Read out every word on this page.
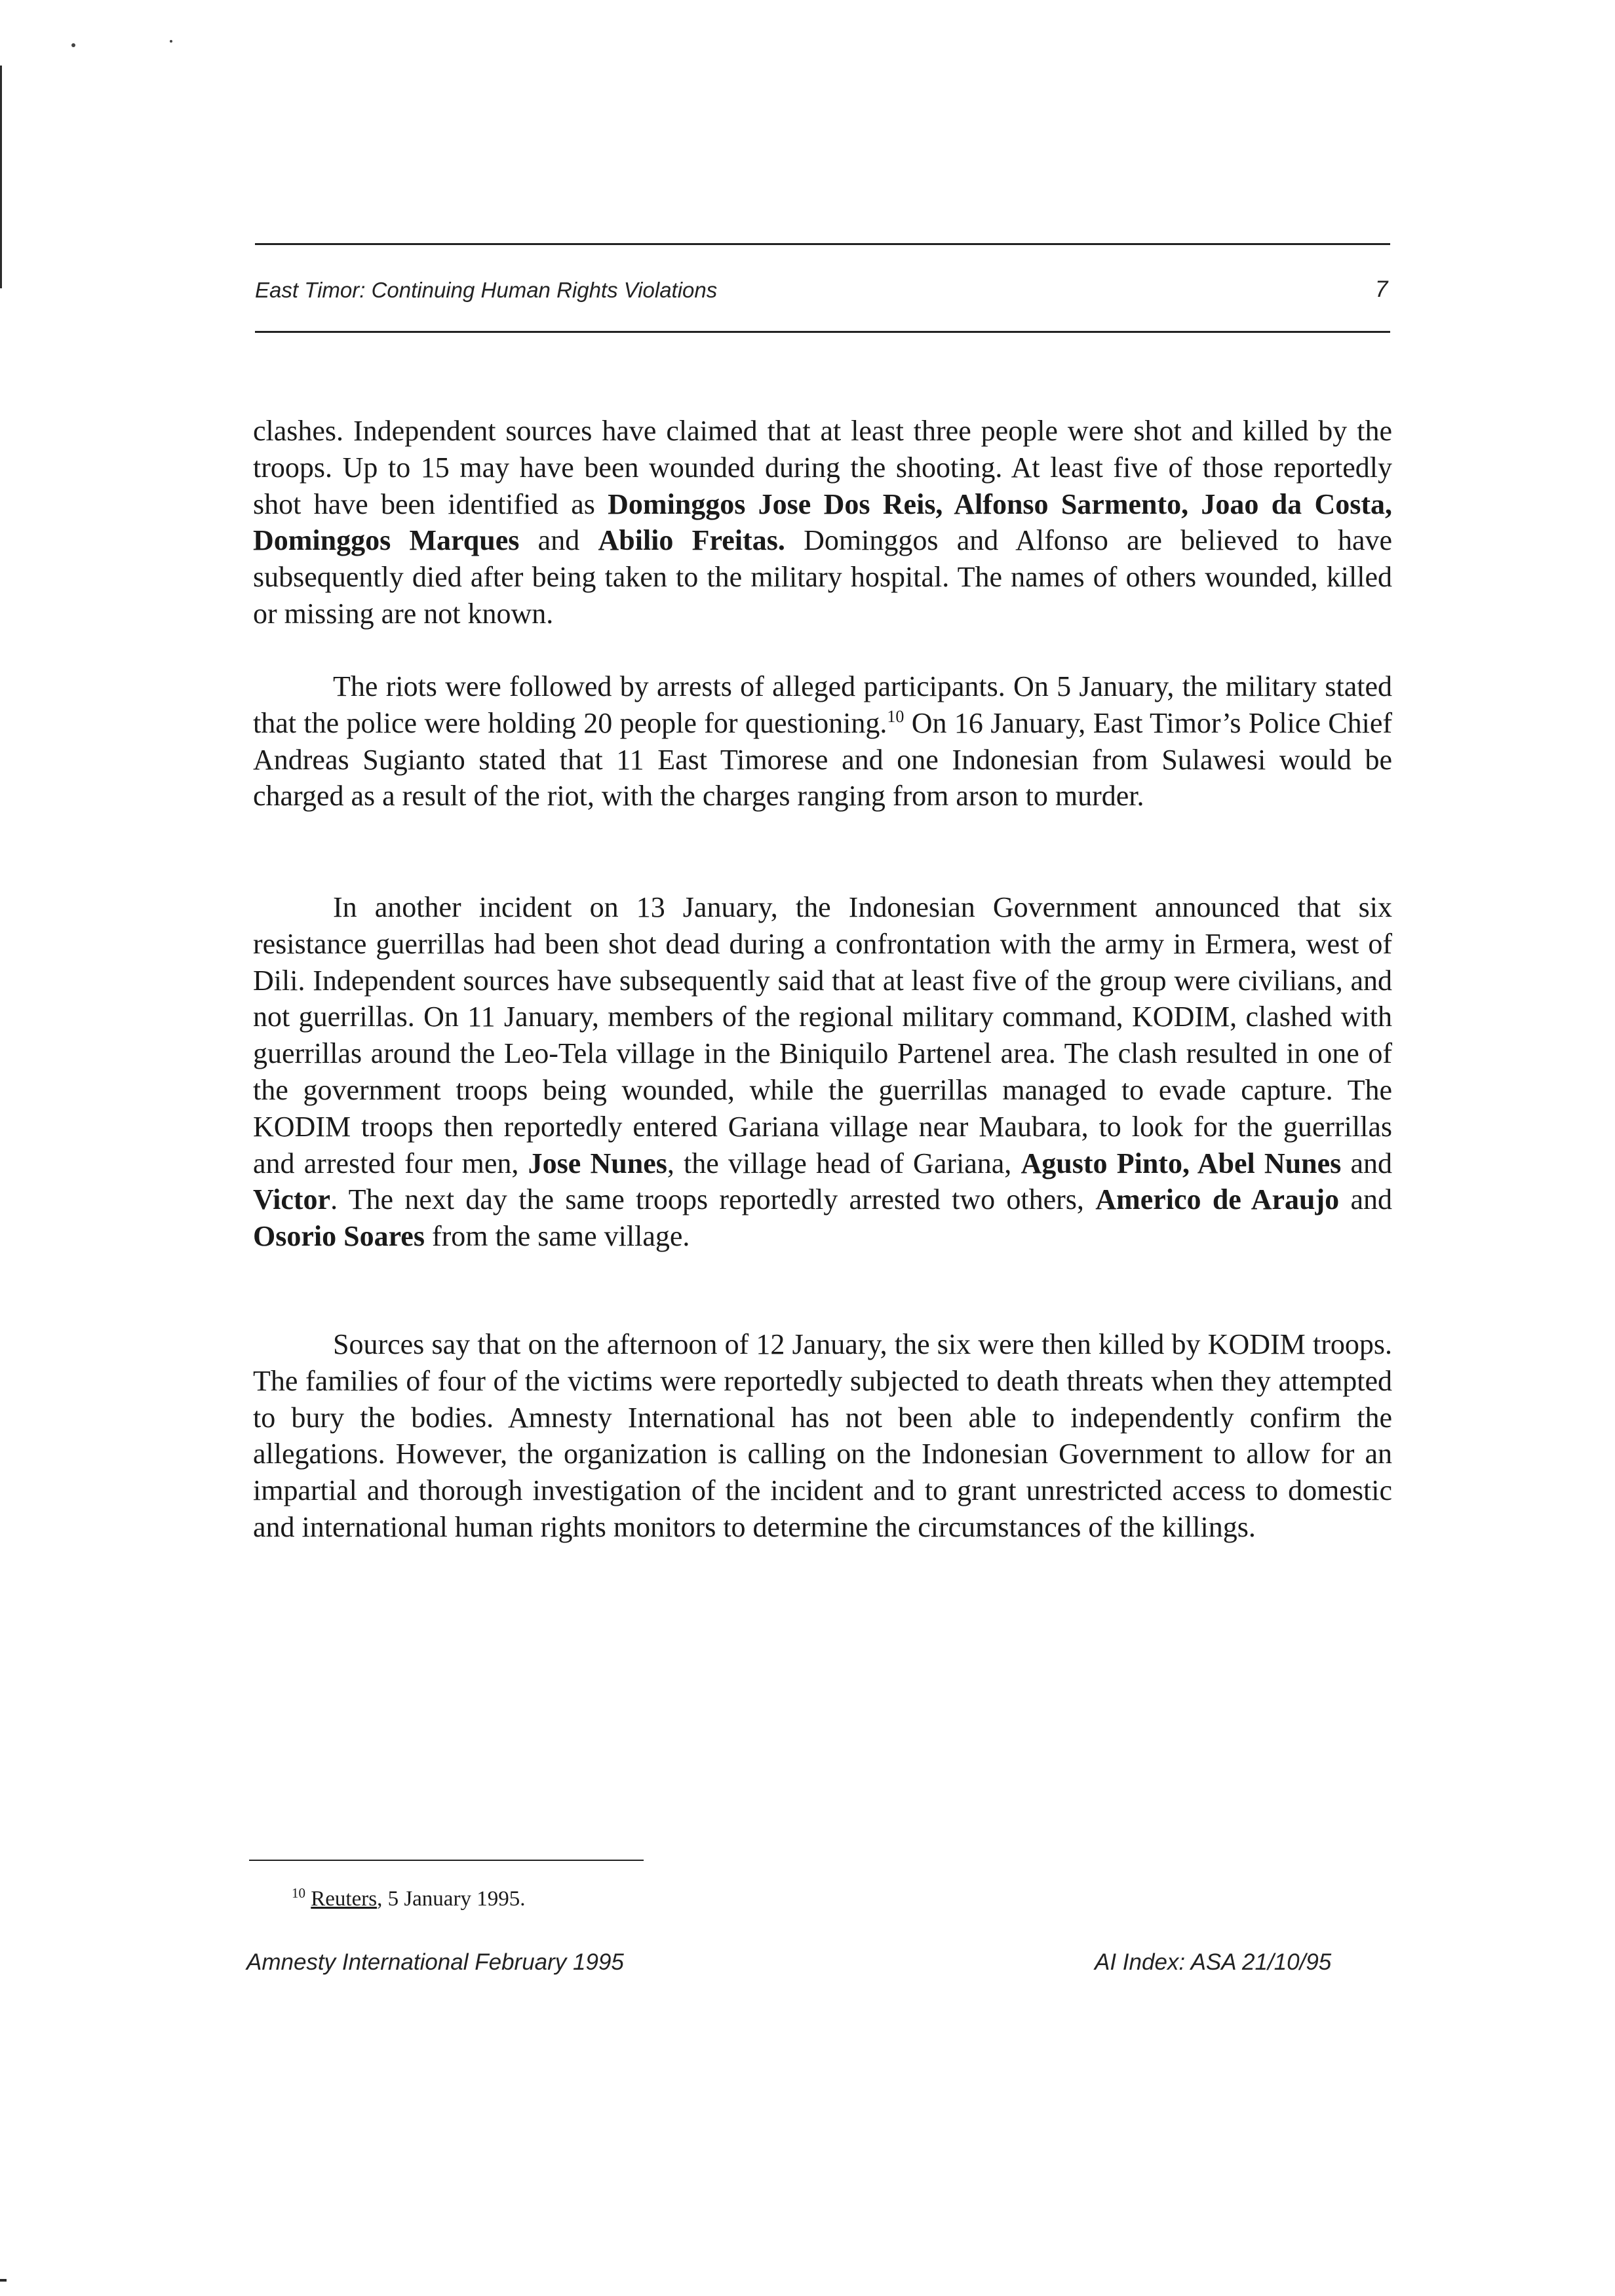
East Timor: Continuing Human Rights Violations	7

clashes. Independent sources have claimed that at least three people were shot and killed by the troops. Up to 15 may have been wounded during the shooting. At least five of those reportedly shot have been identified as Dominggos Jose Dos Reis, Alfonso Sarmento, Joao da Costa, Dominggos Marques and Abilio Freitas. Dominggos and Alfonso are believed to have subsequently died after being taken to the military hospital. The names of others wounded, killed or missing are not known.

The riots were followed by arrests of alleged participants. On 5 January, the military stated that the police were holding 20 people for questioning.$^{10}$ On 16 January, East Timor’s Police Chief Andreas Sugianto stated that 11 East Timorese and one Indonesian from Sulawesi would be charged as a result of the riot, with the charges ranging from arson to murder.

In another incident on 13 January, the Indonesian Government announced that six resistance guerrillas had been shot dead during a confrontation with the army in Ermera, west of Dili. Independent sources have subsequently said that at least five of the group were civilians, and not guerrillas. On 11 January, members of the regional military command, KODIM, clashed with guerrillas around the Leo-Tela village in the Biniquilo Partenel area. The clash resulted in one of the government troops being wounded, while the guerrillas managed to evade capture. The KODIM troops then reportedly entered Gariana village near Maubara, to look for the guerrillas and arrested four men, Jose Nunes, the village head of Gariana, Agusto Pinto, Abel Nunes and Victor. The next day the same troops reportedly arrested two others, Americo de Araujo and Osorio Soares from the same village.

Sources say that on the afternoon of 12 January, the six were then killed by KODIM troops. The families of four of the victims were reportedly subjected to death threats when they attempted to bury the bodies. Amnesty International has not been able to independently confirm the allegations. However, the organization is calling on the Indonesian Government to allow for an impartial and thorough investigation of the incident and to grant unrestricted access to domestic and international human rights monitors to determine the circumstances of the killings.

$^{10}$ Reuters, 5 January 1995.
Amnesty International February 1995	AI Index: ASA 21/10/95
